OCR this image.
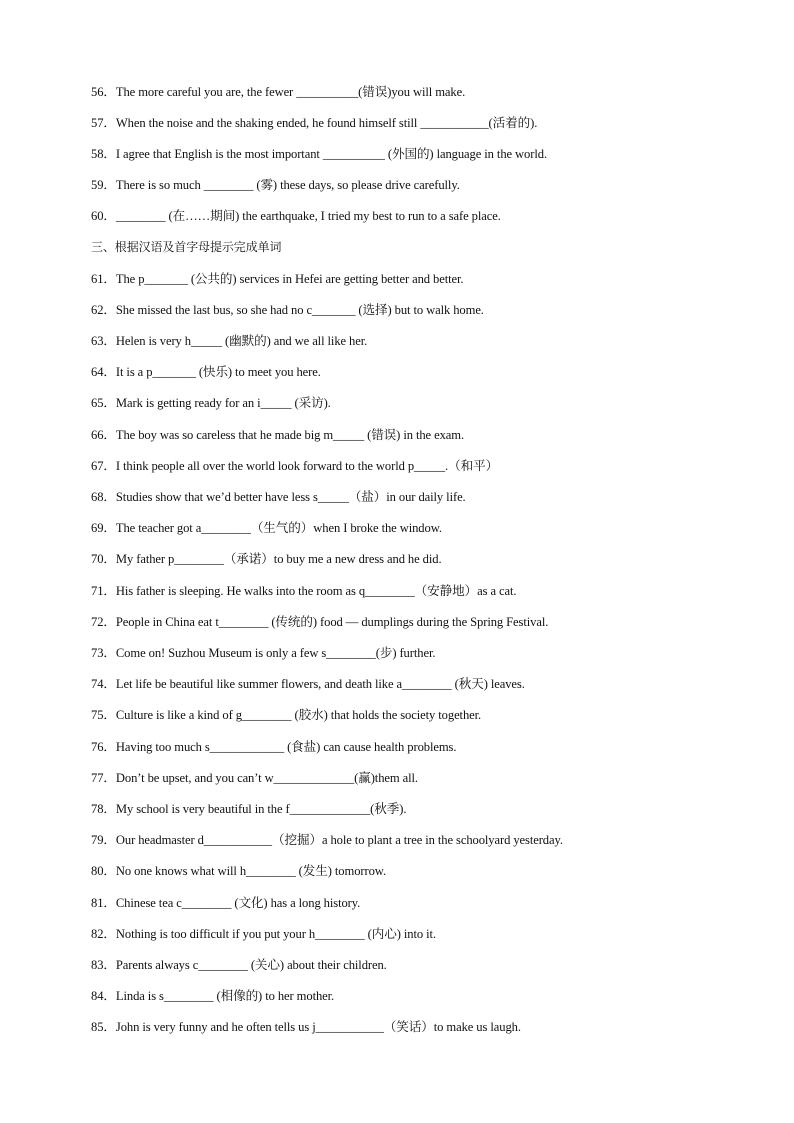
56．The more careful you are, the fewer __________(错误)you will make.
57．When the noise and the shaking ended, he found himself still ___________(活着的).
58．I agree that English is the most important __________ (外国的) language in the world.
59．There is so much ________ (雾) these days, so please drive carefully.
60．________ (在……期间) the earthquake, I tried my best to run to a safe place.
三、根据汉语及首字母提示完成单词
61．The p_______ (公共的) services in Hefei are getting better and better.
62．She missed the last bus, so she had no c_______ (选择) but to walk home.
63．Helen is very h_____ (幽默的) and we all like her.
64．It is a p_______ (快乐) to meet you here.
65．Mark is getting ready for an i_____ (采访).
66．The boy was so careless that he made big m_____ (错误) in the exam.
67．I think people all over the world look forward to the world p_____.（和平）
68．Studies show that we’d better have less s_____（盐）in our daily life.
69．The teacher got a________（生气的）when I broke the window.
70．My father p________（承诺）to buy me a new dress and he did.
71．His father is sleeping. He walks into the room as q________（安静地）as a cat.
72．People in China eat t________ (传统的) food — dumplings during the Spring Festival.
73．Come on! Suzhou Museum is only a few s________(步) further.
74．Let life be beautiful like summer flowers, and death like a________ (秋天) leaves.
75．Culture is like a kind of g________ (胶水) that holds the society together.
76．Having too much s____________ (食盐) can cause health problems.
77．Don’t be upset, and you can’t w_____________(赢)them all.
78．My school is very beautiful in the f_____________(秋季).
79．Our headmaster d___________（挖掘）a hole to plant a tree in the schoolyard yesterday.
80．No one knows what will h________ (发生) tomorrow.
81．Chinese tea c________ (文化) has a long history.
82．Nothing is too difficult if you put your h________ (内心) into it.
83．Parents always c________ (关心) about their children.
84．Linda is s________ (相像的) to her mother.
85．John is very funny and he often tells us j___________（笑话）to make us laugh.
